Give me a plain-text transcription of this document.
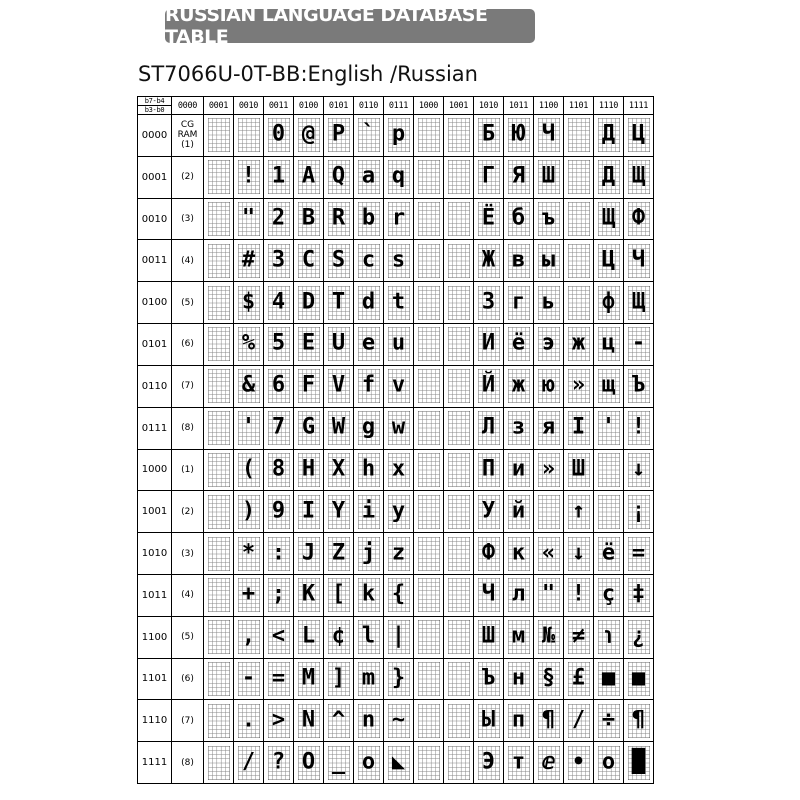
RUSSIAN LANGUAGE DATABASE TABLE
ST7066U-0T-BB:English /Russian
b7-b4
b3-b0	0000	0001	0010	0011	0100	0101	0110	0111	1000	1001	1010	1011	1100	1101	1110	1111
0000	CG RAM (1)			0	@	P	`	p			Б	Ю	Ч		Д	Ц

0001	(2)		!	1	A	Q	a	q			Г	Я	Ш		Д	Щ

0010	(3)		"	2	B	R	b	r			Ё	б	ъ		Щ	Ф

0011	(4)		#	3	C	S	c	s			Ж	в	ы		Ц	Ч

0100	(5)		$	4	D	T	d	t			З	г	ь		ф	Щ

0101	(6)		%	5	E	U	e	u			И	ё	э	ж	ц	-

0110	(7)		&	6	F	V	f	v			Й	ж	ю	»	щ	Ъ

0111	(8)		'	7	G	W	g	w			Л	з	я	I	'	!

1000	(1)		(	8	H	X	h	x			П	и	»	Ш		↓

1001	(2)		)	9	I	Y	i	y			У	й		↑		¡

1010	(3)		*	:	J	Z	j	z			Ф	к	«	↓	ё	=

1011	(4)		+	;	K	[	k	{			Ч	л	"	!	ç	‡

1100	(5)		,	<	L	¢	l	|			Ш	м	№	≠	℩	¿

1101	(6)		-	=	M	]	m	}			Ъ	н	§	£	■	■

1110	(7)		.	>	N	^	n	~			Ы	п	¶	/	÷	¶

1111	(8)		/	?	O	_	o	◣			Э	т	ⅇ	•	о	█
